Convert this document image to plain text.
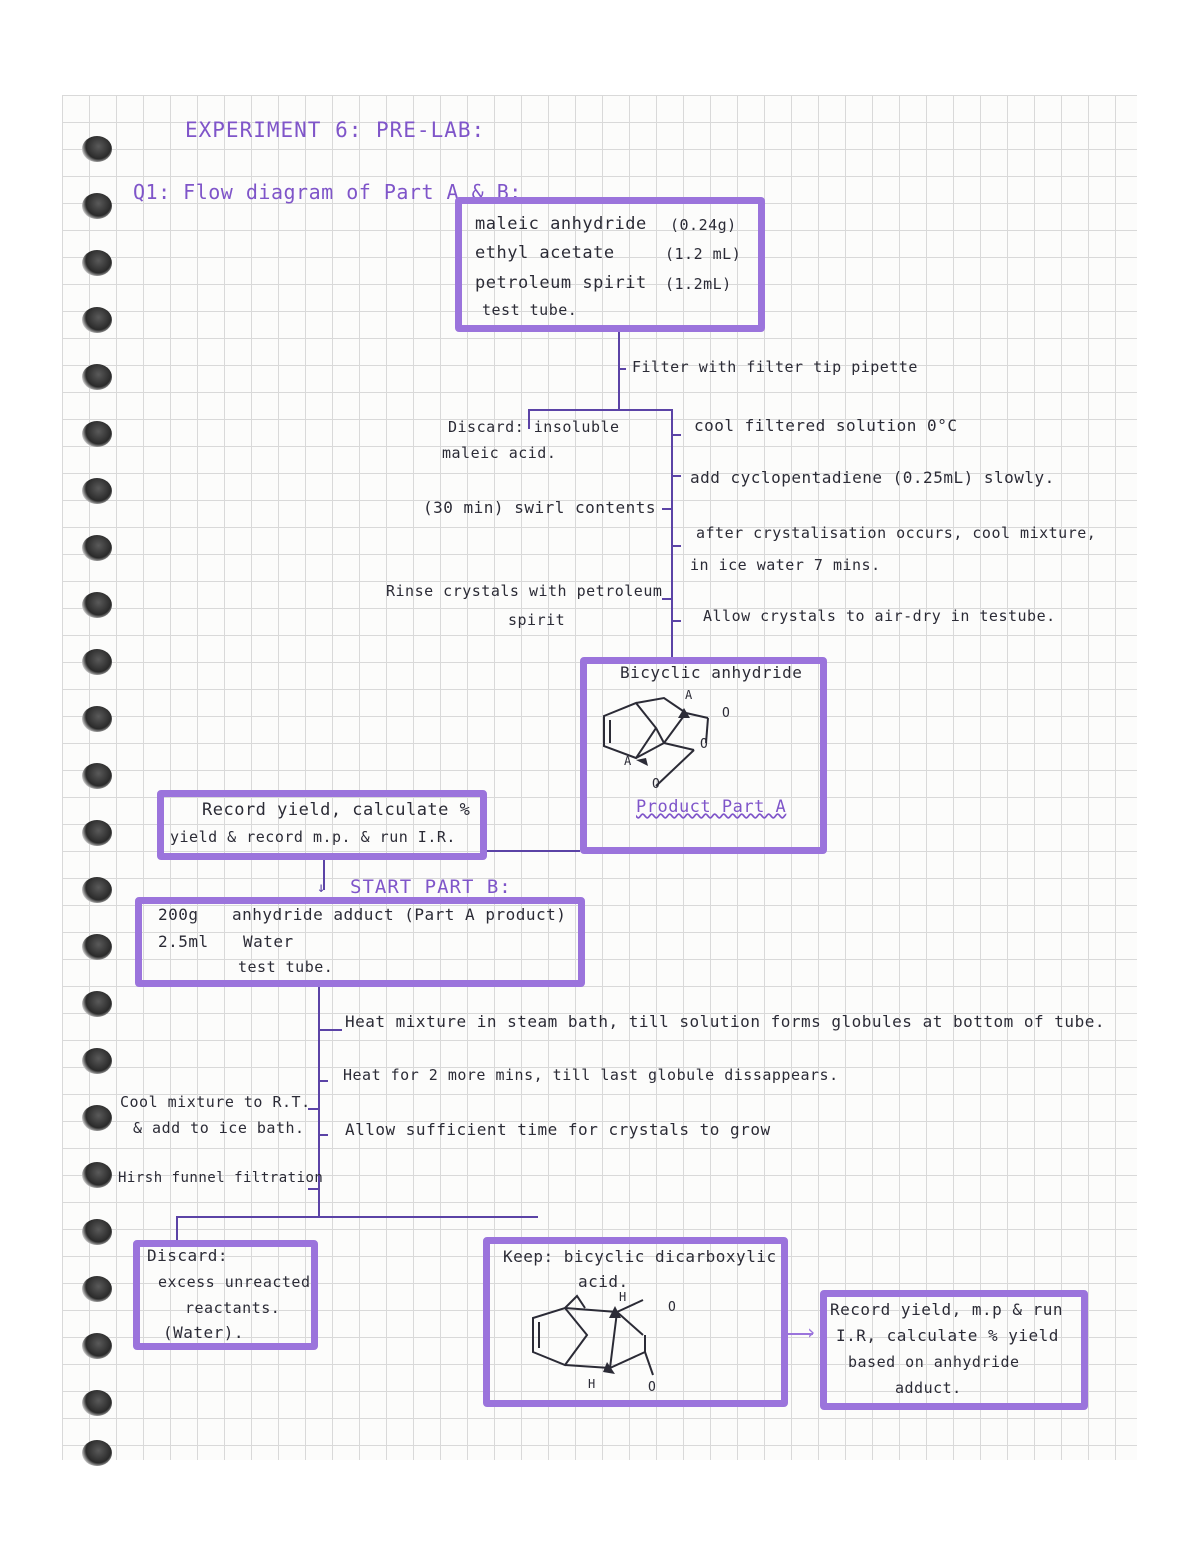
EXPERIMENT 6: PRE-LAB:
Q1: Flow diagram of Part A & B:
maleic anhydride (0.24g)
ethyl acetate	(1.2 mL)
petroleum spirit (1.2mL)
test tube.
Filter with filter tip pipette
Discard: insoluble
maleic acid.
cool filtered solution 0°C
add cyclopentadiene (0.25mL) slowly.
(30 min) swirl contents
after crystalisation occurs, cool mixture,
in ice water 7 mins.
Rinse crystals with petroleum
spirit	Allow crystals to air-dry in testube.
Bicyclic anhydride
A
O
O
A
O
Product Part A
‹
Record yield, calculate %
yield & record m.p. & run I.R.
↓ START PART B:
200g anhydride adduct (Part A product)
2.5ml Water
test tube.
Heat mixture in steam bath, till solution forms globules at bottom of tube.
Heat for 2 more mins, till last globule dissappears.
Cool mixture to R.T.
& add to ice bath.	Allow sufficient time for crystals to grow
Hirsh funnel filtration
Discard:
excess unreacted
reactants.
(Water).
Keep: bicyclic dicarboxylic
acid.
H
O
H	O
›
Record yield, m.p & run
I.R, calculate % yield
based on anhydride
adduct.
